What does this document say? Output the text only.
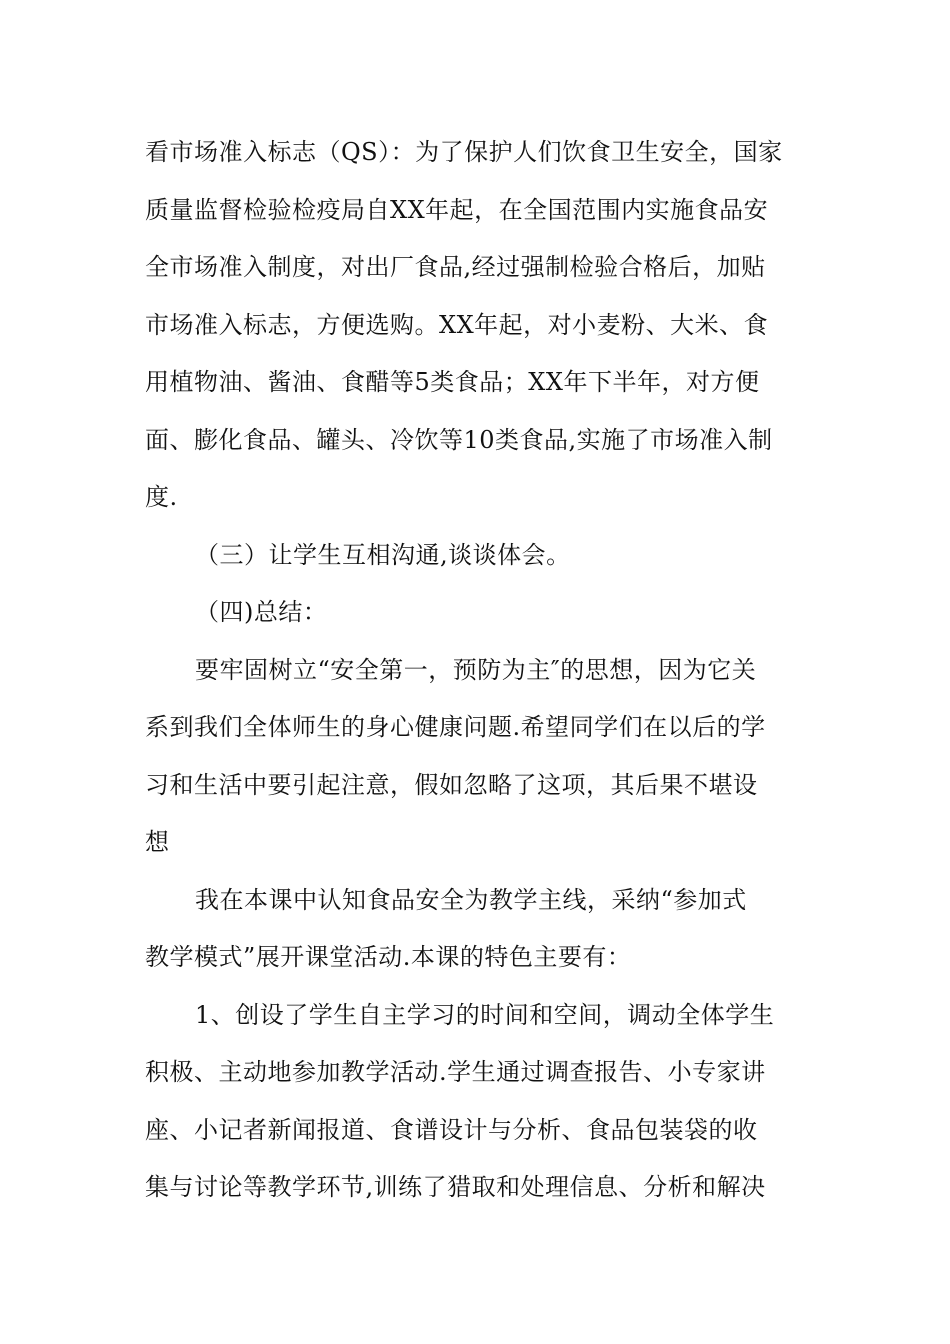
看市场准入标志（QS）：为了保护人们饮食卫生安全，国家
质量监督检验检疫局自XX年起，在全国范围内实施食品安
全市场准入制度，对出厂食品,经过强制检验合格后，加贴
市场准入标志，方便选购。XX年起，对小麦粉、大米、食
用植物油、酱油、食醋等5类食品；XX年下半年，对方便
面、膨化食品、罐头、冷饮等10类食品,实施了市场准入制
度.
（三）让学生互相沟通,谈谈体会。
（四)总结：
要牢固树立“安全第一，预防为主″的思想，因为它关
系到我们全体师生的身心健康问题.希望同学们在以后的学
习和生活中要引起注意，假如忽略了这项，其后果不堪设
想
我在本课中认知食品安全为教学主线，采纳“参加式
教学模式”展开课堂活动.本课的特色主要有：
1、创设了学生自主学习的时间和空间，调动全体学生
积极、主动地参加教学活动.学生通过调查报告、小专家讲
座、小记者新闻报道、食谱设计与分析、食品包装袋的收
集与讨论等教学环节,训练了猎取和处理信息、分析和解决
